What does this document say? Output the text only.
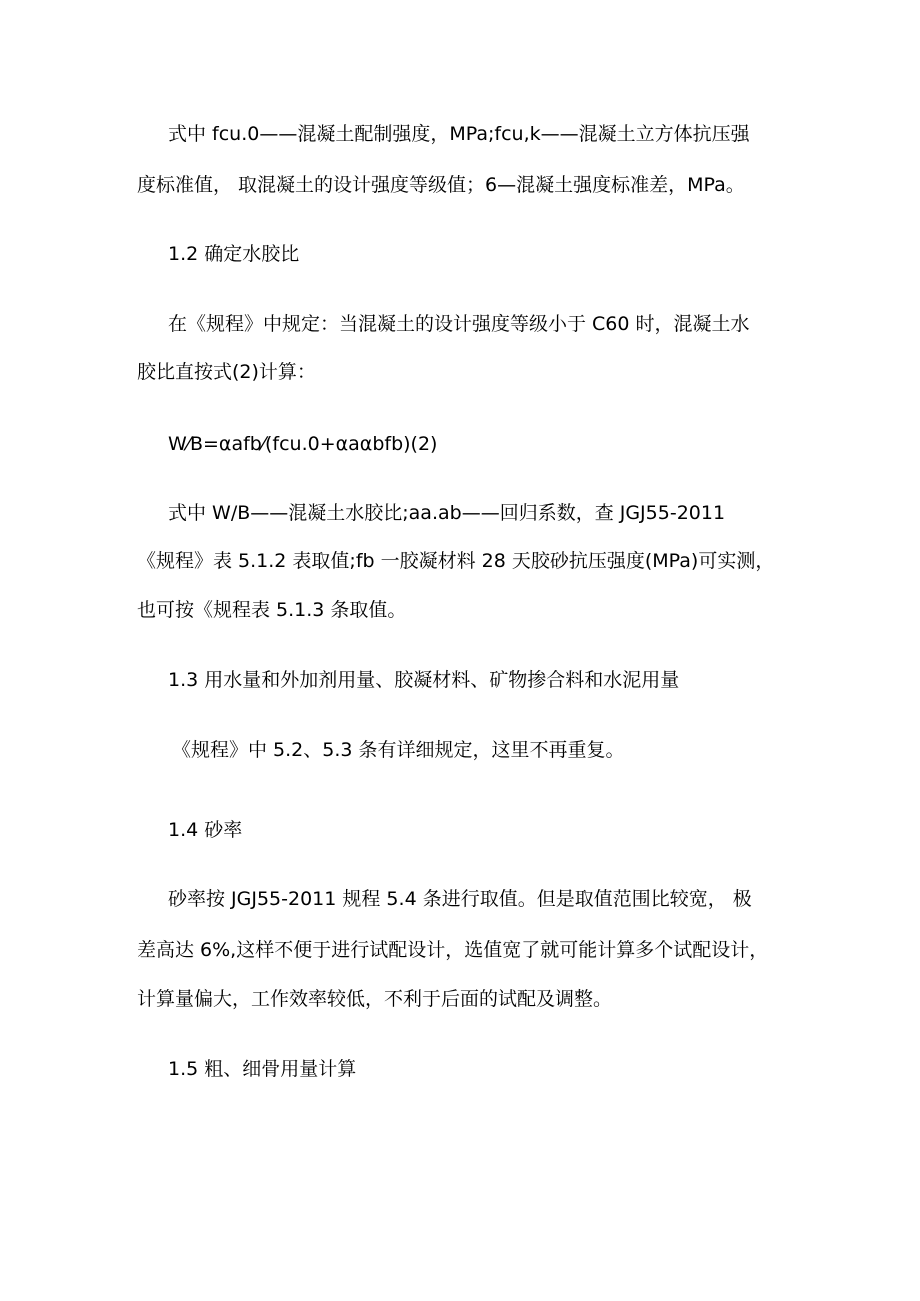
式中 fcu.0——混凝土配制强度，MPa;fcu,k——混凝土立方体抗压强

度标准值， 取混凝土的设计强度等级值；6—混凝土强度标准差，MPa。

1.2 确定水胶比

在《规程》中规定：当混凝土的设计强度等级小于 C60 时，混凝土水

胶比直按式(2)计算：

W⁄B=αafb⁄(fcu.0+αaαbfb)(2)

式中 W/B——混凝土水胶比;aa.ab——回归系数，查 JGJ55-2011

《规程》表 5.1.2 表取值;fb 一胶凝材料 28 天胶砂抗压强度(MPa)可实测，

也可按《规程表 5.1.3 条取值。

1.3 用水量和外加剂用量、胶凝材料、矿物掺合料和水泥用量

《规程》中 5.2、5.3 条有详细规定，这里不再重复。

1.4 砂率

砂率按 JGJ55-2011 规程 5.4 条进行取值。但是取值范围比较宽， 极

差高达 6%,这样不便于进行试配设计，选值宽了就可能计算多个试配设计，

计算量偏大，工作效率较低，不利于后面的试配及调整。

1.5 粗、细骨用量计算
